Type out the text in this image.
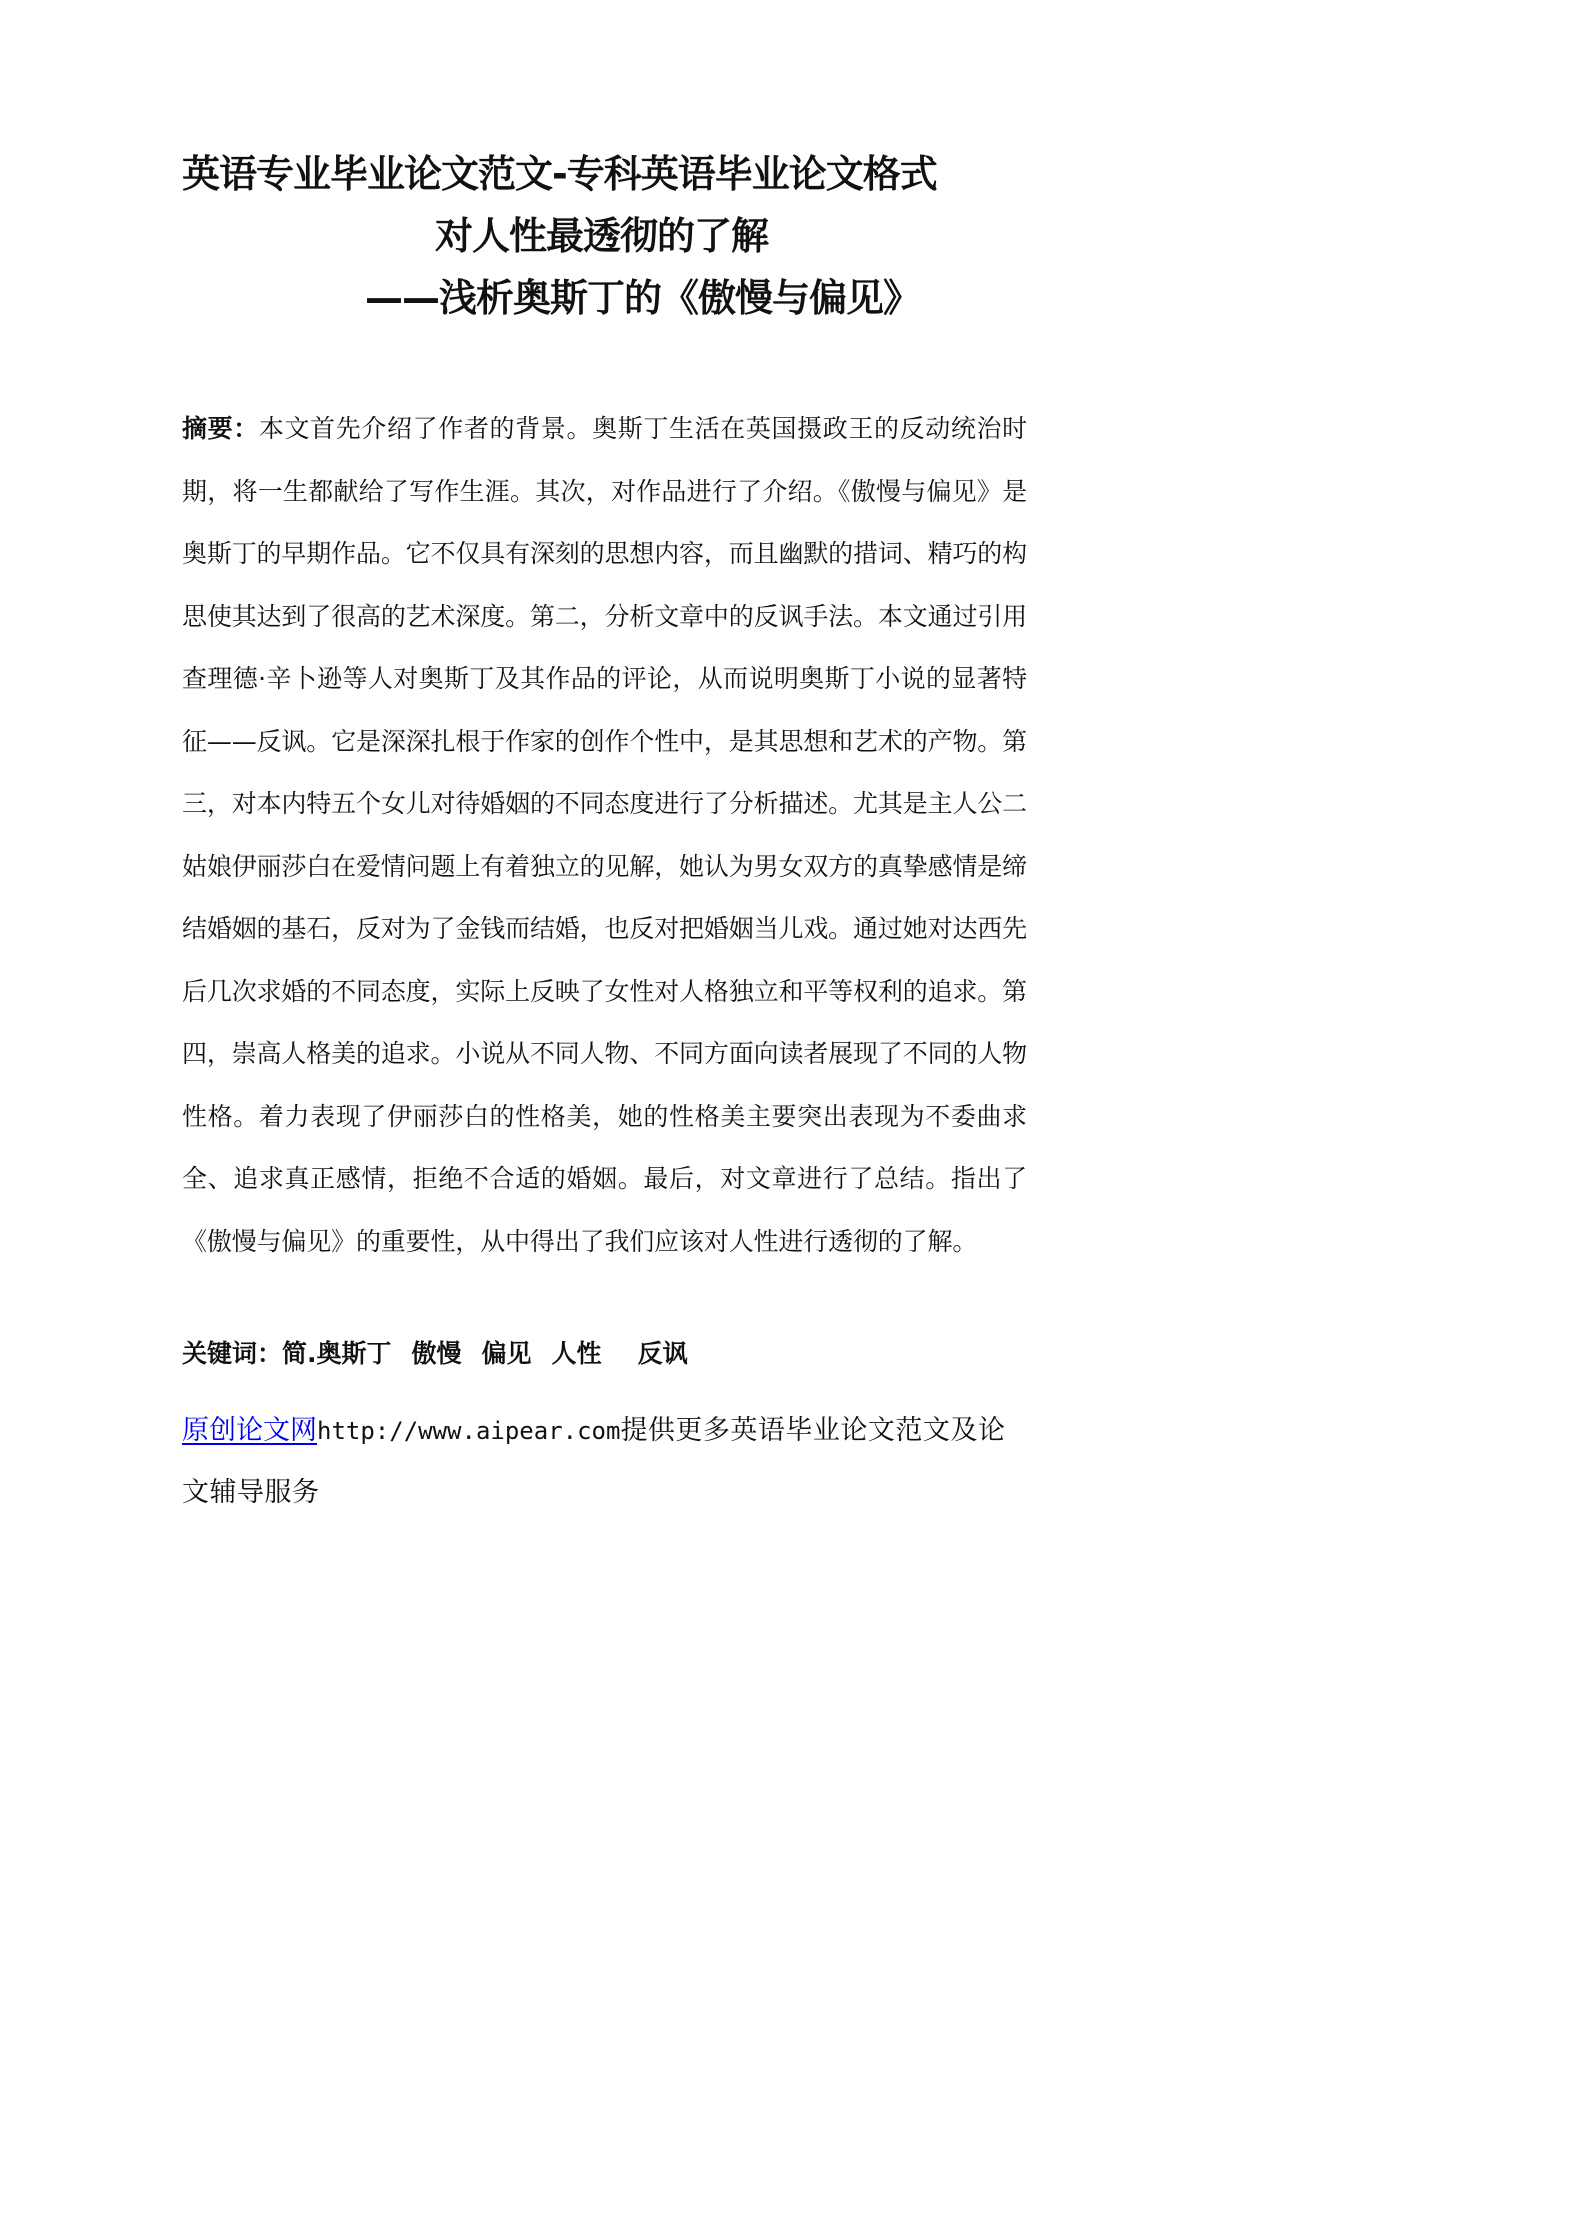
英语专业毕业论文范文-专科英语毕业论文格式
对人性最透彻的了解
——浅析奥斯丁的《傲慢与偏见》

摘要：本文首先介绍了作者的背景。奥斯丁生活在英国摄政王的反动统治时期，将一生都献给了写作生涯。其次，对作品进行了介绍。《傲慢与偏见》是奥斯丁的早期作品。它不仅具有深刻的思想内容，而且幽默的措词、精巧的构思使其达到了很高的艺术深度。第二，分析文章中的反讽手法。本文通过引用查理德·辛卜逊等人对奥斯丁及其作品的评论，从而说明奥斯丁小说的显著特征——反讽。它是深深扎根于作家的创作个性中，是其思想和艺术的产物。第三，对本内特五个女儿对待婚姻的不同态度进行了分析描述。尤其是主人公二姑娘伊丽莎白在爱情问题上有着独立的见解，她认为男女双方的真挚感情是缔结婚姻的基石，反对为了金钱而结婚，也反对把婚姻当儿戏。通过她对达西先后几次求婚的不同态度，实际上反映了女性对人格独立和平等权利的追求。第四，崇高人格美的追求。小说从不同人物、不同方面向读者展现了不同的人物性格。着力表现了伊丽莎白的性格美，她的性格美主要突出表现为不委曲求全、追求真正感情，拒绝不合适的婚姻。最后，对文章进行了总结。指出了《傲慢与偏见》的重要性，从中得出了我们应该对人性进行透彻的了解。

关键词：简.奥斯丁 傲慢 偏见 人性 反讽

原创论文网http://www.aipear.com提供更多英语毕业论文范文及论文辅导服务
